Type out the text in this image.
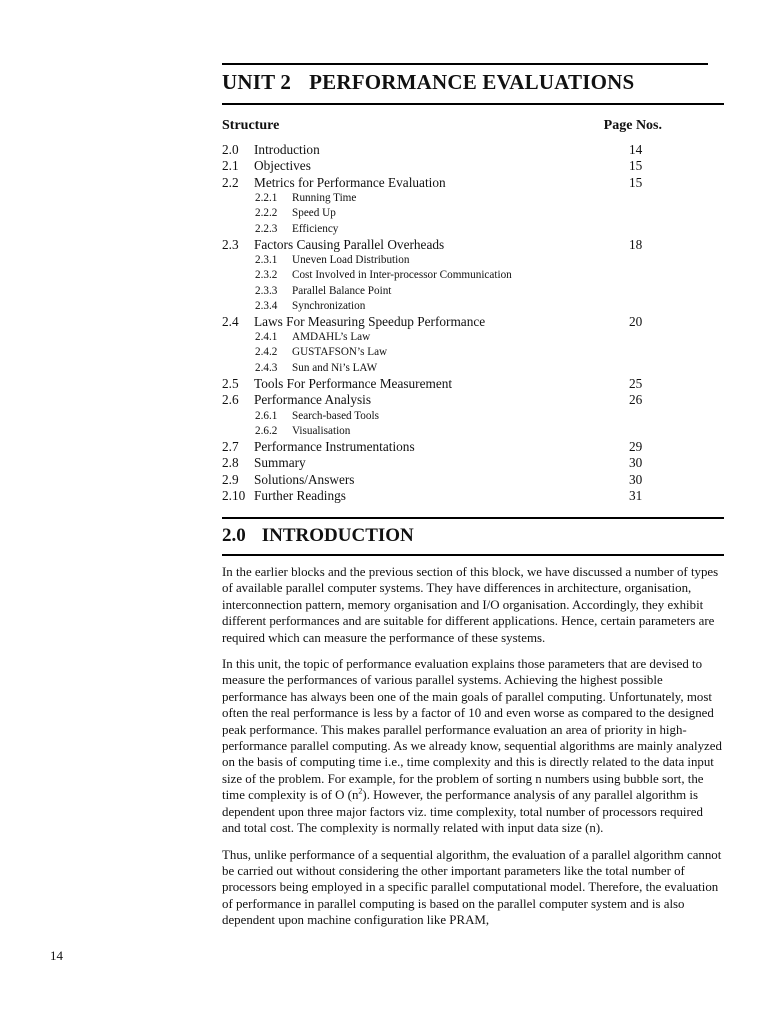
UNIT 2 PERFORMANCE EVALUATIONS
Structure	Page Nos.
2.0 Introduction	14
2.1 Objectives	15
2.2 Metrics for Performance Evaluation	15
2.2.1 Running Time
2.2.2 Speed Up
2.2.3 Efficiency
2.3 Factors Causing Parallel Overheads	18
2.3.1 Uneven Load Distribution
2.3.2 Cost Involved in Inter-processor Communication
2.3.3 Parallel Balance Point
2.3.4 Synchronization
2.4 Laws For Measuring Speedup Performance	20
2.4.1 AMDAHL’s Law
2.4.2 GUSTAFSON’s Law
2.4.3 Sun and Ni’s LAW
2.5 Tools For Performance Measurement	25
2.6 Performance Analysis	26
2.6.1 Search-based Tools
2.6.2 Visualisation
2.7 Performance Instrumentations	29
2.8 Summary	30
2.9 Solutions/Answers	30
2.10 Further Readings	31
2.0 INTRODUCTION

In the earlier blocks and the previous section of this block, we have discussed a number of types of available parallel computer systems. They have differences in architecture, organisation, interconnection pattern, memory organisation and I/O organisation. Accordingly, they exhibit different performances and are suitable for different applications. Hence, certain parameters are required which can measure the performance of these systems.

In this unit, the topic of performance evaluation explains those parameters that are devised to measure the performances of various parallel systems. Achieving the highest possible performance has always been one of the main goals of parallel computing. Unfortunately, most often the real performance is less by a factor of 10 and even worse as compared to the designed peak performance. This makes parallel performance evaluation an area of priority in high-performance parallel computing. As we already know, sequential algorithms are mainly analyzed on the basis of computing time i.e., time complexity and this is directly related to the data input size of the problem. For example, for the problem of sorting n numbers using bubble sort, the time complexity is of O $(n^2)$. However, the performance analysis of any parallel algorithm is dependent upon three major factors viz. time complexity, total number of processors required and total cost. The complexity is normally related with input data size (n).

Thus, unlike performance of a sequential algorithm, the evaluation of a parallel algorithm cannot be carried out without considering the other important parameters like the total number of processors being employed in a specific parallel computational model. Therefore, the evaluation of performance in parallel computing is based on the parallel computer system and is also dependent upon machine configuration like PRAM,

14
